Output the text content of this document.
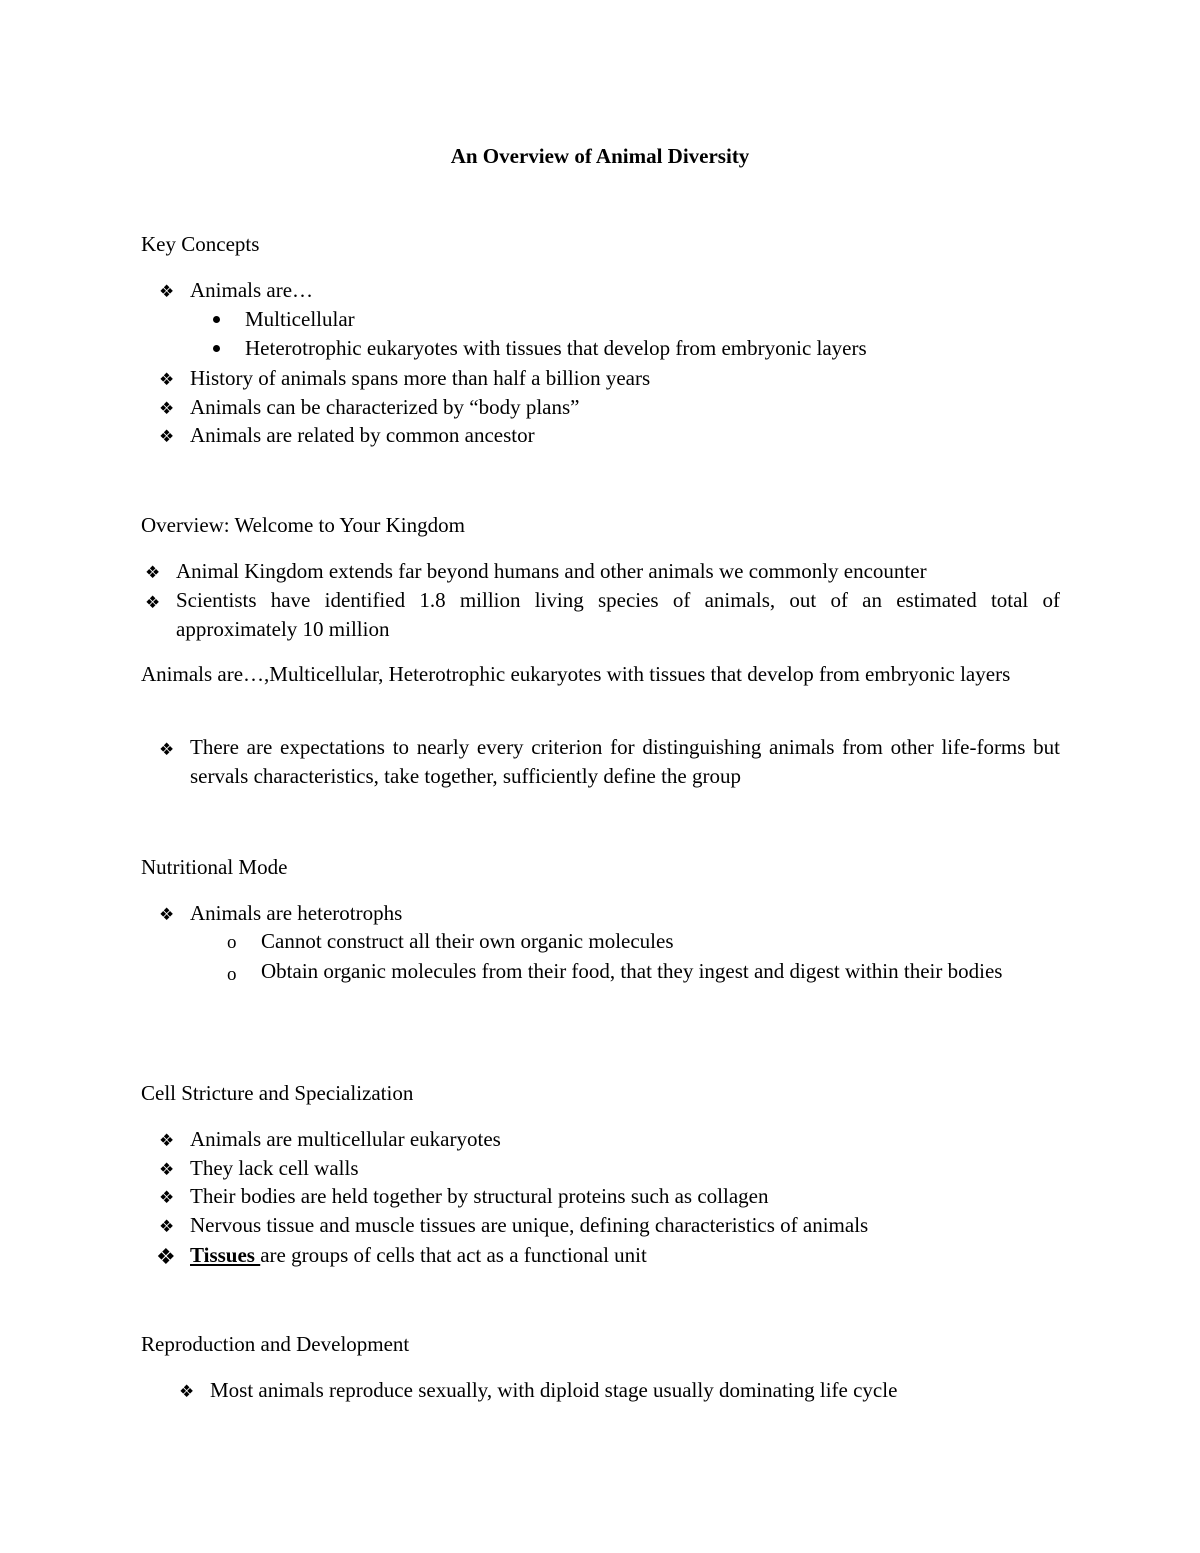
An Overview of Animal Diversity
Key Concepts
❖ Animals are…
Multicellular
Heterotrophic eukaryotes with tissues that develop from embryonic layers
❖ History of animals spans more than half a billion years
❖ Animals can be characterized by “body plans”
❖ Animals are related by common ancestor
Overview: Welcome to Your Kingdom
❖ Animal Kingdom extends far beyond humans and other animals we commonly encounter
❖ Scientists have identified 1.8 million living species of animals, out of an estimated total of approximately 10 million
Animals are…,Multicellular, Heterotrophic eukaryotes with tissues that develop from embryonic layers
❖ There are expectations to nearly every criterion for distinguishing animals from other life-forms but servals characteristics, take together, sufficiently define the group
Nutritional Mode
❖ Animals are heterotrophs
o Cannot construct all their own organic molecules
o Obtain organic molecules from their food, that they ingest and digest within their bodies
Cell Stricture and Specialization
❖ Animals are multicellular eukaryotes
❖ They lack cell walls
❖ Their bodies are held together by structural proteins such as collagen
❖ Nervous tissue and muscle tissues are unique, defining characteristics of animals
❖ Tissues are groups of cells that act as a functional unit
Reproduction and Development
❖ Most animals reproduce sexually, with diploid stage usually dominating life cycle
